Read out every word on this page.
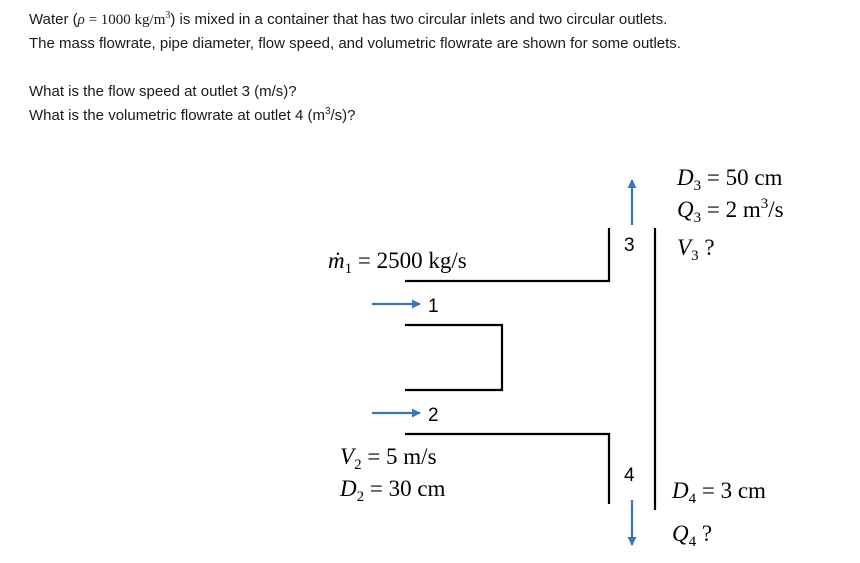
Water (ρ = 1000 $kg/m^3$) is mixed in a container that has two circular inlets and two circular outlets.
The mass flowrate, pipe diameter, flow speed, and volumetric flowrate are shown for some outlets.
What is the flow speed at outlet 3 (m/s)?
What is the volumetric flowrate at outlet 4 $(m^3/s)$?
1
2
3
4
ṁ$_1$ = 2500 kg/s
$V_2 = 5$ m/s
$D_2 = 30$ cm
$D_3 = 50$ cm
$Q_3 = 2$ $m^3/s$
$V_3$ ?
$D_4 = 3$ cm
$Q_4$ ?
